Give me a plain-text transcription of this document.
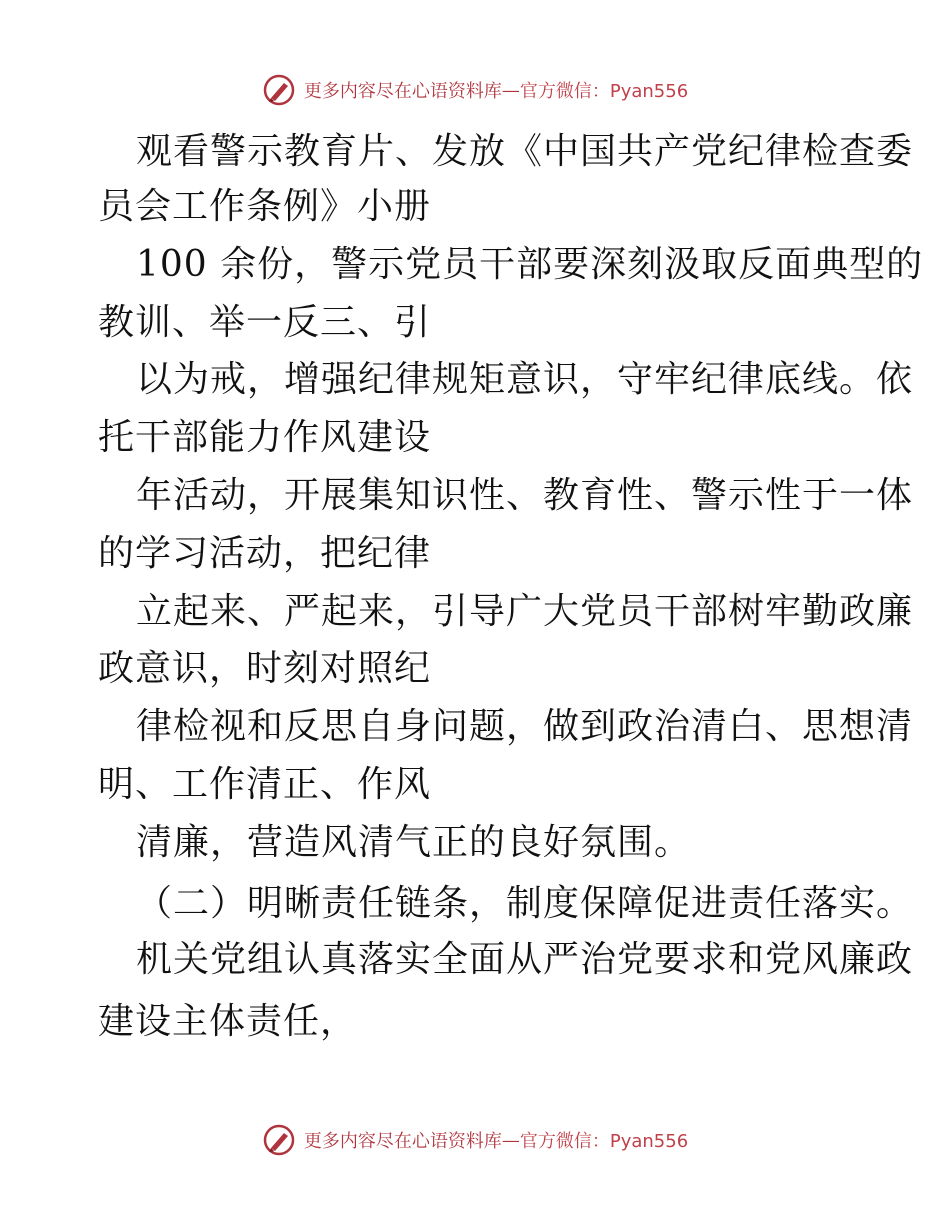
更多内容尽在心语资料库 — 官方微信：Pyan556
观看警示教育片、发放《中国共产党纪律检查委
员会工作条例》小册
100 余份，警示党员干部要深刻汲取反面典型的
教训、举一反三、引
以为戒，增强纪律规矩意识，守牢纪律底线。依
托干部能力作风建设
年活动，开展集知识性、教育性、警示性于一体
的学习活动，把纪律
立起来、严起来，引导广大党员干部树牢勤政廉
政意识，时刻对照纪
律检视和反思自身问题，做到政治清白、思想清
明、工作清正、作风
清廉，营造风清气正的良好氛围。
（二）明晰责任链条，制度保障促进责任落实。
机关党组认真落实全面从严治党要求和党风廉政
建设主体责任，
更多内容尽在心语资料库 — 官方微信：Pyan556
